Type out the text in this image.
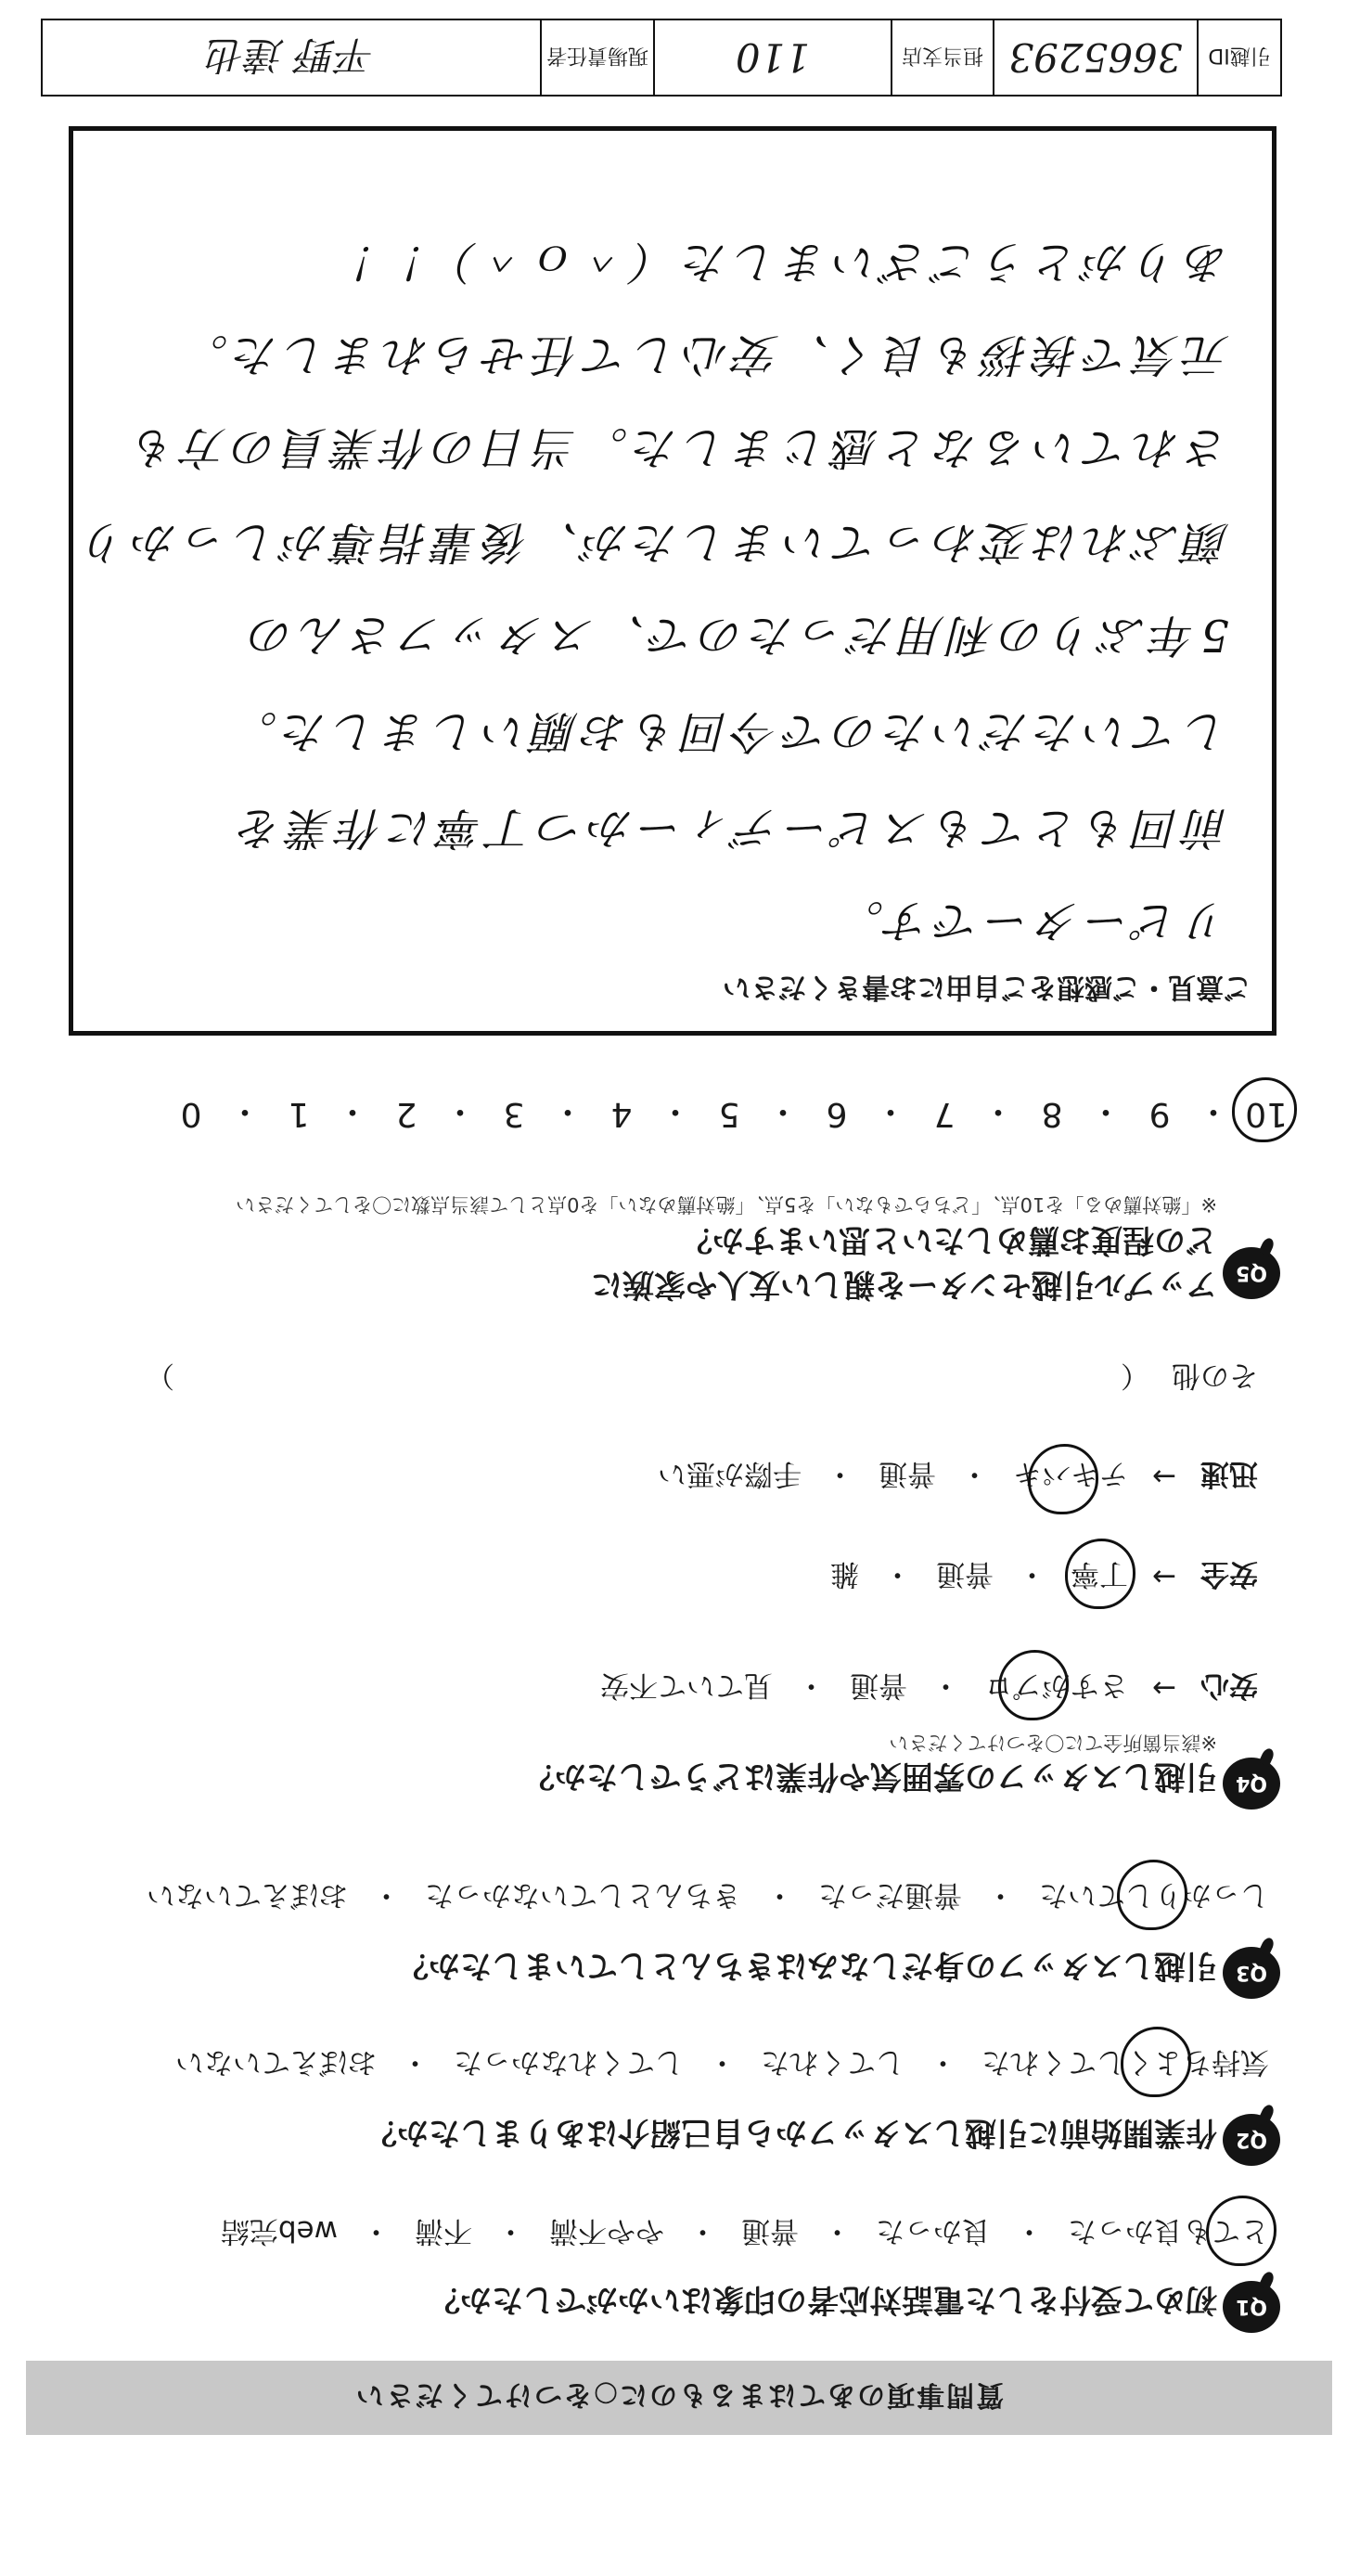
質問事項のあてはまるものに○をつけてください
Q1
初めて受付をした電話対応者の印象はいかがでしたか？
とても良かった
・
良かった
・
普通
・
やや不満
・
不満
・
web完結
Q2
作業開始前に引越しスタッフから自己紹介はありましたか？
気持ちよくしてくれた
・
してくれた
・
してくれなかった
・
おぼえていない
Q3
引越しスタッフの身だしなみはきちんとしていましたか？
しっかりしていた
・
普通だった
・
きちんとしていなかった
・
おぼえていない
Q4
引越しスタッフの雰囲気や作業はどうでしたか？
※該当箇所全てに〇をつけてください
安心
→
さすがプロ
・
普通
・
見ていて不安
安全
→
丁寧
・
普通
・
雑
迅速
→
テキパキ
・
普通
・
手際が悪い
その他
（
）
Q5
アップル引越センターを親しい友人や家族に
どの程度お薦めしたいと思いますか？
※「絶対薦める」を10点、「どちらでもない」を5点、「絶対薦めない」を0点として該当点数に〇をしてください
10
・
9
・
8
・
7
・
6
・
5
・
4
・
3
・
2
・
1
・
0
ご意見・ご感想をご自由にお書きください
リピーターです。
前回もとてもスピーディーかつ丁寧に作業を
していただいたので今回もお願いしました。
5年ぶりの利用だったので、スタッフさんの
顔ぶれは変わっていましたが、後輩指導がしっかり
されているなと感じました。当日の作業員の方も
元気で挨拶も良く、安心して任せられました。
ありがとうございました（＾ｏ＾）！！
引越ID
3665293
担当支店
110
現場責任者
平野 達也
